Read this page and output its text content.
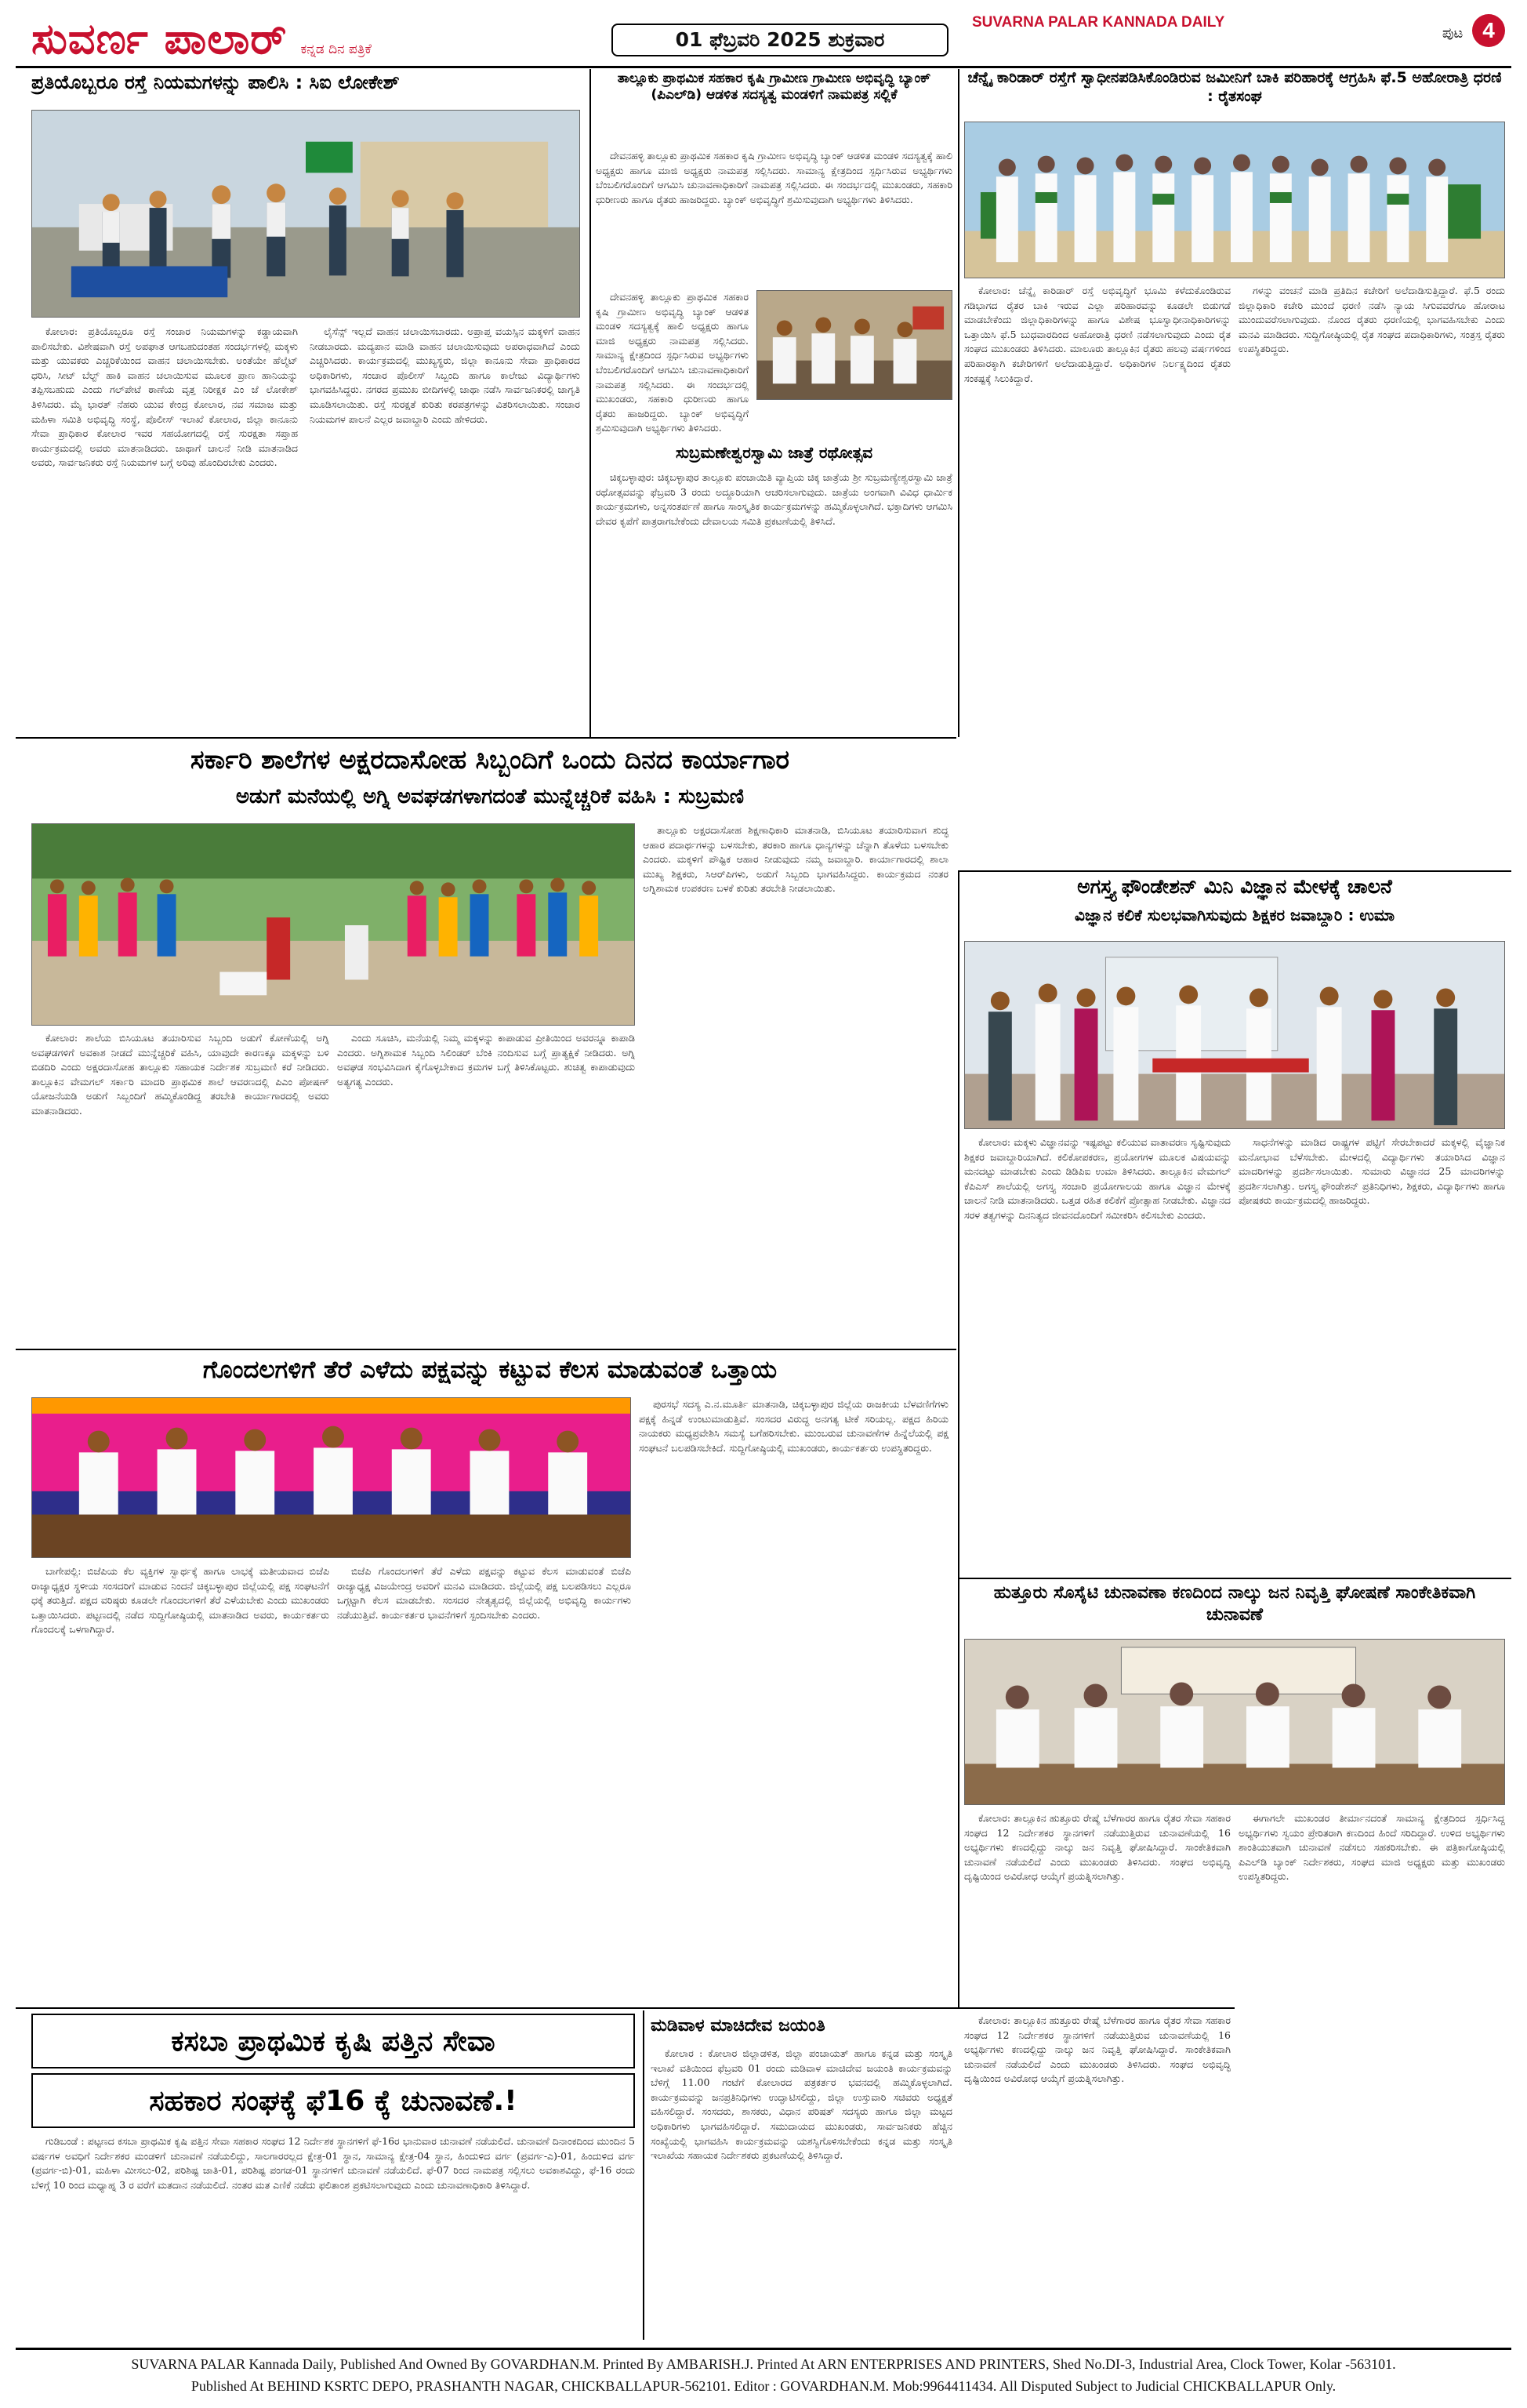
ಸುವರ್ಣ ಪಾಲಾರ್ ಕನ್ನಡ ದಿನ ಪತ್ರಿಕೆ	01 ಫೆಬ್ರವರಿ 2025 ಶುಕ್ರವಾರ
SUVARNA PALAR KANNADA DAILY
ಪುಟ 4
ಪ್ರತಿಯೊಬ್ಬರೂ ರಸ್ತೆ ನಿಯಮಗಳನ್ನು ಪಾಲಿಸಿ : ಸಿಐ ಲೋಕೇಶ್

ಕೋಲಾರ: ಪ್ರತಿಯೊಬ್ಬರೂ ರಸ್ತೆ ಸಂಚಾರ ನಿಯಮಗಳನ್ನು ಕಡ್ಡಾಯವಾಗಿ ಪಾಲಿಸಬೇಕು. ವಿಶೇಷವಾಗಿ ರಸ್ತೆ ಅಪಘಾತ ಆಗಬಹುದಂತಹ ಸಂದರ್ಭಗಳಲ್ಲಿ ಮಕ್ಕಳು ಮತ್ತು ಯುವಕರು ಎಚ್ಚರಿಕೆಯಿಂದ ವಾಹನ ಚಲಾಯಿಸಬೇಕು. ಅಂತೆಯೇ ಹೆಲ್ಮೆಟ್ ಧರಿಸಿ, ಸೀಟ್ ಬೆಲ್ಟ್ ಹಾಕಿ ವಾಹನ ಚಲಾಯಿಸುವ ಮೂಲಕ ಪ್ರಾಣ ಹಾನಿಯನ್ನು ತಪ್ಪಿಸಬಹುದು ಎಂದು ಗಲ್‌ಪೇಟೆ ಠಾಣೆಯ ವೃತ್ತ ನಿರೀಕ್ಷಕ ಎಂ ಜೆ ಲೋಕೇಶ್ ತಿಳಿಸಿದರು. ಮೈ ಭಾರತ್ ನೆಹರು ಯುವ ಕೇಂದ್ರ ಕೋಲಾರ, ನವ ಸಮಾಜ ಮತ್ತು ಮಹಿಳಾ ಸಮಿತಿ ಅಭಿವೃದ್ಧಿ ಸಂಸ್ಥೆ, ಪೊಲೀಸ್ ಇಲಾಖೆ ಕೋಲಾರ, ಜಿಲ್ಲಾ ಕಾನೂನು ಸೇವಾ ಪ್ರಾಧಿಕಾರ ಕೋಲಾರ ಇವರ ಸಹಯೋಗದಲ್ಲಿ ರಸ್ತೆ ಸುರಕ್ಷತಾ ಸಪ್ತಾಹ ಕಾರ್ಯಕ್ರಮದಲ್ಲಿ ಅವರು ಮಾತನಾಡಿದರು. ಜಾಥಾಗೆ ಚಾಲನೆ ನೀಡಿ ಮಾತನಾಡಿದ ಅವರು, ಸಾರ್ವಜನಿಕರು ರಸ್ತೆ ನಿಯಮಗಳ ಬಗ್ಗೆ ಅರಿವು ಹೊಂದಿರಬೇಕು ಎಂದರು.

ಲೈಸೆನ್ಸ್ ಇಲ್ಲದೆ ವಾಹನ ಚಲಾಯಿಸಬಾರದು. ಅಪ್ರಾಪ್ತ ವಯಸ್ಸಿನ ಮಕ್ಕಳಿಗೆ ವಾಹನ ನೀಡಬಾರದು. ಮದ್ಯಪಾನ ಮಾಡಿ ವಾಹನ ಚಲಾಯಿಸುವುದು ಅಪರಾಧವಾಗಿದೆ ಎಂದು ಎಚ್ಚರಿಸಿದರು. ಕಾರ್ಯಕ್ರಮದಲ್ಲಿ ಮುಖ್ಯಸ್ಥರು, ಜಿಲ್ಲಾ ಕಾನೂನು ಸೇವಾ ಪ್ರಾಧಿಕಾರದ ಅಧಿಕಾರಿಗಳು, ಸಂಚಾರ ಪೊಲೀಸ್ ಸಿಬ್ಬಂದಿ ಹಾಗೂ ಕಾಲೇಜು ವಿದ್ಯಾರ್ಥಿಗಳು ಭಾಗವಹಿಸಿದ್ದರು. ನಗರದ ಪ್ರಮುಖ ಬೀದಿಗಳಲ್ಲಿ ಜಾಥಾ ನಡೆಸಿ ಸಾರ್ವಜನಿಕರಲ್ಲಿ ಜಾಗೃತಿ ಮೂಡಿಸಲಾಯಿತು. ರಸ್ತೆ ಸುರಕ್ಷತೆ ಕುರಿತು ಕರಪತ್ರಗಳನ್ನು ವಿತರಿಸಲಾಯಿತು. ಸಂಚಾರ ನಿಯಮಗಳ ಪಾಲನೆ ಎಲ್ಲರ ಜವಾಬ್ದಾರಿ ಎಂದು ಹೇಳಿದರು.

ತಾಲ್ಲೂಕು ಪ್ರಾಥಮಿಕ ಸಹಕಾರ ಕೃಷಿ ಗ್ರಾಮೀಣ ಗ್ರಾಮೀಣ ಅಭಿವೃದ್ಧಿ ಬ್ಯಾಂಕ್ (ಪಿಎಲ್‌ಡಿ) ಆಡಳಿತ ಸದಸ್ಯತ್ವ ಮಂಡಳಿಗೆ ನಾಮಪತ್ರ ಸಲ್ಲಿಕೆ

ದೇವನಹಳ್ಳಿ ತಾಲ್ಲೂಕು ಪ್ರಾಥಮಿಕ ಸಹಕಾರ ಕೃಷಿ ಗ್ರಾಮೀಣ ಅಭಿವೃದ್ಧಿ ಬ್ಯಾಂಕ್ ಆಡಳಿತ ಮಂಡಳಿ ಸದಸ್ಯತ್ವಕ್ಕೆ ಹಾಲಿ ಅಧ್ಯಕ್ಷರು ಹಾಗೂ ಮಾಜಿ ಅಧ್ಯಕ್ಷರು ನಾಮಪತ್ರ ಸಲ್ಲಿಸಿದರು. ಸಾಮಾನ್ಯ ಕ್ಷೇತ್ರದಿಂದ ಸ್ಪರ್ಧಿಸಿರುವ ಅಭ್ಯರ್ಥಿಗಳು ಬೆಂಬಲಿಗರೊಂದಿಗೆ ಆಗಮಿಸಿ ಚುನಾವಣಾಧಿಕಾರಿಗೆ ನಾಮಪತ್ರ ಸಲ್ಲಿಸಿದರು. ಈ ಸಂದರ್ಭದಲ್ಲಿ ಮುಖಂಡರು, ಸಹಕಾರಿ ಧುರೀಣರು ಹಾಗೂ ರೈತರು ಹಾಜರಿದ್ದರು. ಬ್ಯಾಂಕ್ ಅಭಿವೃದ್ಧಿಗೆ ಶ್ರಮಿಸುವುದಾಗಿ ಅಭ್ಯರ್ಥಿಗಳು ತಿಳಿಸಿದರು.

ದೇವನಹಳ್ಳಿ ತಾಲ್ಲೂಕು ಪ್ರಾಥಮಿಕ ಸಹಕಾರ ಕೃಷಿ ಗ್ರಾಮೀಣ ಅಭಿವೃದ್ಧಿ ಬ್ಯಾಂಕ್ ಆಡಳಿತ ಮಂಡಳಿ ಸದಸ್ಯತ್ವಕ್ಕೆ ಹಾಲಿ ಅಧ್ಯಕ್ಷರು ಹಾಗೂ ಮಾಜಿ ಅಧ್ಯಕ್ಷರು ನಾಮಪತ್ರ ಸಲ್ಲಿಸಿದರು. ಸಾಮಾನ್ಯ ಕ್ಷೇತ್ರದಿಂದ ಸ್ಪರ್ಧಿಸಿರುವ ಅಭ್ಯರ್ಥಿಗಳು ಬೆಂಬಲಿಗರೊಂದಿಗೆ ಆಗಮಿಸಿ ಚುನಾವಣಾಧಿಕಾರಿಗೆ ನಾಮಪತ್ರ ಸಲ್ಲಿಸಿದರು. ಈ ಸಂದರ್ಭದಲ್ಲಿ ಮುಖಂಡರು, ಸಹಕಾರಿ ಧುರೀಣರು ಹಾಗೂ ರೈತರು ಹಾಜರಿದ್ದರು. ಬ್ಯಾಂಕ್ ಅಭಿವೃದ್ಧಿಗೆ ಶ್ರಮಿಸುವುದಾಗಿ ಅಭ್ಯರ್ಥಿಗಳು ತಿಳಿಸಿದರು.

ಸುಬ್ರಮಣೇಶ್ವರಸ್ವಾಮಿ ಜಾತ್ರೆ ರಥೋತ್ಸವ

ಚಿಕ್ಕಬಳ್ಳಾಪುರ: ಚಿಕ್ಕಬಳ್ಳಾಪುರ ತಾಲ್ಲೂಕು ಪಂಚಾಯಿತಿ ವ್ಯಾಪ್ತಿಯ ಚಿಕ್ಕ ಜಾತ್ರೆಯ ಶ್ರೀ ಸುಬ್ರಮಣ್ಯೇಶ್ವರಸ್ವಾಮಿ ಜಾತ್ರೆ ರಥೋತ್ಸವವನ್ನು ಫೆಬ್ರವರಿ 3 ರಂದು ಅದ್ದೂರಿಯಾಗಿ ಆಚರಿಸಲಾಗುವುದು. ಜಾತ್ರೆಯ ಅಂಗವಾಗಿ ವಿವಿಧ ಧಾರ್ಮಿಕ ಕಾರ್ಯಕ್ರಮಗಳು, ಅನ್ನಸಂತರ್ಪಣೆ ಹಾಗೂ ಸಾಂಸ್ಕೃತಿಕ ಕಾರ್ಯಕ್ರಮಗಳನ್ನು ಹಮ್ಮಿಕೊಳ್ಳಲಾಗಿದೆ. ಭಕ್ತಾದಿಗಳು ಆಗಮಿಸಿ ದೇವರ ಕೃಪೆಗೆ ಪಾತ್ರರಾಗಬೇಕೆಂದು ದೇವಾಲಯ ಸಮಿತಿ ಪ್ರಕಟಣೆಯಲ್ಲಿ ತಿಳಿಸಿದೆ.

ಚೆನ್ನೈ ಕಾರಿಡಾರ್ ರಸ್ತೆಗೆ ಸ್ವಾಧೀನಪಡಿಸಿಕೊಂಡಿರುವ ಜಮೀನಿಗೆ ಬಾಕಿ ಪರಿಹಾರಕ್ಕೆ ಆಗ್ರಹಿಸಿ ಫೆ.5 ಅಹೋರಾತ್ರಿ ಧರಣಿ : ರೈತಸಂಘ

ಕೋಲಾರ: ಚೆನ್ನೈ ಕಾರಿಡಾರ್ ರಸ್ತೆ ಅಭಿವೃದ್ಧಿಗೆ ಭೂಮಿ ಕಳೆದುಕೊಂಡಿರುವ ಗಡಿಭಾಗದ ರೈತರ ಬಾಕಿ ಇರುವ ಎಲ್ಲಾ ಪರಿಹಾರವನ್ನು ಕೂಡಲೇ ಬಿಡುಗಡೆ ಮಾಡಬೇಕೆಂದು ಜಿಲ್ಲಾಧಿಕಾರಿಗಳನ್ನು ಹಾಗೂ ವಿಶೇಷ ಭೂಸ್ವಾಧೀನಾಧಿಕಾರಿಗಳನ್ನು ಒತ್ತಾಯಿಸಿ ಫೆ.5 ಬುಧವಾರದಿಂದ ಅಹೋರಾತ್ರಿ ಧರಣಿ ನಡೆಸಲಾಗುವುದು ಎಂದು ರೈತ ಸಂಘದ ಮುಖಂಡರು ತಿಳಿಸಿದರು. ಮಾಲೂರು ತಾಲ್ಲೂಕಿನ ರೈತರು ಹಲವು ವರ್ಷಗಳಿಂದ ಪರಿಹಾರಕ್ಕಾಗಿ ಕಚೇರಿಗಳಿಗೆ ಅಲೆದಾಡುತ್ತಿದ್ದಾರೆ. ಅಧಿಕಾರಿಗಳ ನಿರ್ಲಕ್ಷ್ಯದಿಂದ ರೈತರು ಸಂಕಷ್ಟಕ್ಕೆ ಸಿಲುಕಿದ್ದಾರೆ.

ಗಳನ್ನು ವಂಚನೆ ಮಾಡಿ ಪ್ರತಿದಿನ ಕಚೇರಿಗೆ ಅಲೆದಾಡಿಸುತ್ತಿದ್ದಾರೆ. ಫೆ.5 ರಂದು ಜಿಲ್ಲಾಧಿಕಾರಿ ಕಚೇರಿ ಮುಂದೆ ಧರಣಿ ನಡೆಸಿ ನ್ಯಾಯ ಸಿಗುವವರೆಗೂ ಹೋರಾಟ ಮುಂದುವರೆಸಲಾಗುವುದು. ನೊಂದ ರೈತರು ಧರಣಿಯಲ್ಲಿ ಭಾಗವಹಿಸಬೇಕು ಎಂದು ಮನವಿ ಮಾಡಿದರು. ಸುದ್ದಿಗೋಷ್ಠಿಯಲ್ಲಿ ರೈತ ಸಂಘದ ಪದಾಧಿಕಾರಿಗಳು, ಸಂತ್ರಸ್ತ ರೈತರು ಉಪಸ್ಥಿತರಿದ್ದರು.

ಸರ್ಕಾರಿ ಶಾಲೆಗಳ ಅಕ್ಷರದಾಸೋಹ ಸಿಬ್ಬಂದಿಗೆ ಒಂದು ದಿನದ ಕಾರ್ಯಾಗಾರ
ಅಡುಗೆ ಮನೆಯಲ್ಲಿ ಅಗ್ನಿ ಅವಘಡಗಳಾಗದಂತೆ ಮುನ್ನೆಚ್ಚರಿಕೆ ವಹಿಸಿ : ಸುಬ್ರಮಣಿ

ತಾಲ್ಲೂಕು ಅಕ್ಷರದಾಸೋಹ ಶಿಕ್ಷಣಾಧಿಕಾರಿ ಮಾತನಾಡಿ, ಬಿಸಿಯೂಟ ತಯಾರಿಸುವಾಗ ಶುದ್ಧ ಆಹಾರ ಪದಾರ್ಥಗಳನ್ನು ಬಳಸಬೇಕು, ತರಕಾರಿ ಹಾಗೂ ಧಾನ್ಯಗಳನ್ನು ಚೆನ್ನಾಗಿ ತೊಳೆದು ಬಳಸಬೇಕು ಎಂದರು. ಮಕ್ಕಳಿಗೆ ಪೌಷ್ಟಿಕ ಆಹಾರ ನೀಡುವುದು ನಮ್ಮ ಜವಾಬ್ದಾರಿ. ಕಾರ್ಯಾಗಾರದಲ್ಲಿ ಶಾಲಾ ಮುಖ್ಯ ಶಿಕ್ಷಕರು, ಸಿಆರ್‌ಪಿಗಳು, ಅಡುಗೆ ಸಿಬ್ಬಂದಿ ಭಾಗವಹಿಸಿದ್ದರು. ಕಾರ್ಯಕ್ರಮದ ನಂತರ ಅಗ್ನಿಶಾಮಕ ಉಪಕರಣ ಬಳಕೆ ಕುರಿತು ತರಬೇತಿ ನೀಡಲಾಯಿತು.

ಕೋಲಾರ: ಶಾಲೆಯ ಬಿಸಿಯೂಟ ತಯಾರಿಸುವ ಸಿಬ್ಬಂದಿ ಅಡುಗೆ ಕೋಣೆಯಲ್ಲಿ ಅಗ್ನಿ ಅವಘಡಗಳಿಗೆ ಅವಕಾಶ ನೀಡದೆ ಮುನ್ನೆಚ್ಚರಿಕೆ ವಹಿಸಿ, ಯಾವುದೇ ಕಾರಣಕ್ಕೂ ಮಕ್ಕಳನ್ನು ಬಳಿ ಬಿಡದಿರಿ ಎಂದು ಅಕ್ಷರದಾಸೋಹ ತಾಲ್ಲೂಕು ಸಹಾಯಕ ನಿರ್ದೇಶಕ ಸುಬ್ರಮಣಿ ಕರೆ ನೀಡಿದರು. ತಾಲ್ಲೂಕಿನ ವೇಮಗಲ್ ಸರ್ಕಾರಿ ಮಾದರಿ ಪ್ರಾಥಮಿಕ ಶಾಲೆ ಆವರಣದಲ್ಲಿ ಪಿಎಂ ಪೋಷಣ್ ಯೋಜನೆಯಡಿ ಅಡುಗೆ ಸಿಬ್ಬಂದಿಗೆ ಹಮ್ಮಿಕೊಂಡಿದ್ದ ತರಬೇತಿ ಕಾರ್ಯಾಗಾರದಲ್ಲಿ ಅವರು ಮಾತನಾಡಿದರು.

ಎಂದು ಸೂಚಿಸಿ, ಮನೆಯಲ್ಲಿ ನಿಮ್ಮ ಮಕ್ಕಳನ್ನು ಕಾಪಾಡುವ ಪ್ರೀತಿಯಿಂದ ಅವರನ್ನೂ ಕಾಪಾಡಿ ಎಂದರು. ಅಗ್ನಿಶಾಮಕ ಸಿಬ್ಬಂದಿ ಸಿಲಿಂಡರ್ ಬೆಂಕಿ ನಂದಿಸುವ ಬಗ್ಗೆ ಪ್ರಾತ್ಯಕ್ಷಿಕೆ ನೀಡಿದರು. ಅಗ್ನಿ ಅವಘಡ ಸಂಭವಿಸಿದಾಗ ಕೈಗೊಳ್ಳಬೇಕಾದ ಕ್ರಮಗಳ ಬಗ್ಗೆ ತಿಳಿಸಿಕೊಟ್ಟರು. ಶುಚಿತ್ವ ಕಾಪಾಡುವುದು ಅತ್ಯಗತ್ಯ ಎಂದರು.

ಅಗಸ್ತ್ಯ ಫೌಂಡೇಶನ್ ಮಿನಿ ವಿಜ್ಞಾನ ಮೇಳಕ್ಕೆ ಚಾಲನೆ
ವಿಜ್ಞಾನ ಕಲಿಕೆ ಸುಲಭವಾಗಿಸುವುದು ಶಿಕ್ಷಕರ ಜವಾಬ್ದಾರಿ : ಉಮಾ

ಕೋಲಾರ: ಮಕ್ಕಳು ವಿಜ್ಞಾನವನ್ನು ಇಷ್ಟಪಟ್ಟು ಕಲಿಯುವ ವಾತಾವರಣ ಸೃಷ್ಟಿಸುವುದು ಶಿಕ್ಷಕರ ಜವಾಬ್ದಾರಿಯಾಗಿದೆ. ಕಲಿಕೋಪಕರಣ, ಪ್ರಯೋಗಗಳ ಮೂಲಕ ವಿಷಯವನ್ನು ಮನದಟ್ಟು ಮಾಡಬೇಕು ಎಂದು ಡಿಡಿಪಿಐ ಉಮಾ ತಿಳಿಸಿದರು. ತಾಲ್ಲೂಕಿನ ವೇಮಗಲ್ ಕೆಪಿಎಸ್ ಶಾಲೆಯಲ್ಲಿ ಅಗಸ್ತ್ಯ ಸಂಚಾರಿ ಪ್ರಯೋಗಾಲಯ ಹಾಗೂ ವಿಜ್ಞಾನ ಮೇಳಕ್ಕೆ ಚಾಲನೆ ನೀಡಿ ಮಾತನಾಡಿದರು. ಒತ್ತಡ ರಹಿತ ಕಲಿಕೆಗೆ ಪ್ರೋತ್ಸಾಹ ನೀಡಬೇಕು. ವಿಜ್ಞಾನದ ಸರಳ ತತ್ವಗಳನ್ನು ದಿನನಿತ್ಯದ ಜೀವನದೊಂದಿಗೆ ಸಮೀಕರಿಸಿ ಕಲಿಸಬೇಕು ಎಂದರು.

ಸಾಧನೆಗಳನ್ನು ಮಾಡಿದ ರಾಷ್ಟ್ರಗಳ ಪಟ್ಟಿಗೆ ಸೇರಬೇಕಾದರೆ ಮಕ್ಕಳಲ್ಲಿ ವೈಜ್ಞಾನಿಕ ಮನೋಭಾವ ಬೆಳೆಸಬೇಕು. ಮೇಳದಲ್ಲಿ ವಿದ್ಯಾರ್ಥಿಗಳು ತಯಾರಿಸಿದ ವಿಜ್ಞಾನ ಮಾದರಿಗಳನ್ನು ಪ್ರದರ್ಶಿಸಲಾಯಿತು. ಸುಮಾರು ವಿಜ್ಞಾನದ 25 ಮಾದರಿಗಳನ್ನು ಪ್ರದರ್ಶಿಸಲಾಗಿತ್ತು. ಅಗಸ್ತ್ಯ ಫೌಂಡೇಶನ್ ಪ್ರತಿನಿಧಿಗಳು, ಶಿಕ್ಷಕರು, ವಿದ್ಯಾರ್ಥಿಗಳು ಹಾಗೂ ಪೋಷಕರು ಕಾರ್ಯಕ್ರಮದಲ್ಲಿ ಹಾಜರಿದ್ದರು.

ಗೊಂದಲಗಳಿಗೆ ತೆರೆ ಎಳೆದು ಪಕ್ಷವನ್ನು ಕಟ್ಟುವ ಕೆಲಸ ಮಾಡುವಂತೆ ಒತ್ತಾಯ

ಪುರಸಭೆ ಸದಸ್ಯ ಎ.ನ.ಮೂರ್ತಿ ಮಾತನಾಡಿ, ಚಿಕ್ಕಬಳ್ಳಾಪುರ ಜಿಲ್ಲೆಯ ರಾಜಕೀಯ ಬೆಳವಣಿಗೆಗಳು ಪಕ್ಷಕ್ಕೆ ಹಿನ್ನಡೆ ಉಂಟುಮಾಡುತ್ತಿವೆ. ಸಂಸದರ ವಿರುದ್ಧ ಅನಗತ್ಯ ಟೀಕೆ ಸರಿಯಲ್ಲ. ಪಕ್ಷದ ಹಿರಿಯ ನಾಯಕರು ಮಧ್ಯಪ್ರವೇಶಿಸಿ ಸಮಸ್ಯೆ ಬಗೆಹರಿಸಬೇಕು. ಮುಂಬರುವ ಚುನಾವಣೆಗಳ ಹಿನ್ನೆಲೆಯಲ್ಲಿ ಪಕ್ಷ ಸಂಘಟನೆ ಬಲಪಡಿಸಬೇಕಿದೆ. ಸುದ್ದಿಗೋಷ್ಠಿಯಲ್ಲಿ ಮುಖಂಡರು, ಕಾರ್ಯಕರ್ತರು ಉಪಸ್ಥಿತರಿದ್ದರು.

ಬಾಗೇಪಲ್ಲಿ: ಬಿಜೆಪಿಯ ಕೆಲ ವ್ಯಕ್ತಿಗಳ ಸ್ವಾರ್ಥಕ್ಕೆ ಹಾಗೂ ಲಾಭಕ್ಕೆ ಮತೀಯವಾದ ಬಿಜೆಪಿ ರಾಜ್ಯಾಧ್ಯಕ್ಷರ ಸ್ಥಳೀಯ ಸಂಸದರಿಗೆ ಮಾಡುವ ನಿಂದನೆ ಚಿಕ್ಕಬಳ್ಳಾಪುರ ಜಿಲ್ಲೆಯಲ್ಲಿ ಪಕ್ಷ ಸಂಘಟನೆಗೆ ಧಕ್ಕೆ ತರುತ್ತಿದೆ. ಪಕ್ಷದ ವರಿಷ್ಠರು ಕೂಡಲೇ ಗೊಂದಲಗಳಿಗೆ ತೆರೆ ಎಳೆಯಬೇಕು ಎಂದು ಮುಖಂಡರು ಒತ್ತಾಯಿಸಿದರು. ಪಟ್ಟಣದಲ್ಲಿ ನಡೆದ ಸುದ್ದಿಗೋಷ್ಠಿಯಲ್ಲಿ ಮಾತನಾಡಿದ ಅವರು, ಕಾರ್ಯಕರ್ತರು ಗೊಂದಲಕ್ಕೆ ಒಳಗಾಗಿದ್ದಾರೆ.

ಬಿಜೆಪಿ ಗೊಂದಲಗಳಿಗೆ ತೆರೆ ಎಳೆದು ಪಕ್ಷವನ್ನು ಕಟ್ಟುವ ಕೆಲಸ ಮಾಡುವಂತೆ ಬಿಜೆಪಿ ರಾಜ್ಯಾಧ್ಯಕ್ಷ ವಿಜಯೇಂದ್ರ ಅವರಿಗೆ ಮನವಿ ಮಾಡಿದರು. ಜಿಲ್ಲೆಯಲ್ಲಿ ಪಕ್ಷ ಬಲಪಡಿಸಲು ಎಲ್ಲರೂ ಒಗ್ಗಟ್ಟಾಗಿ ಕೆಲಸ ಮಾಡಬೇಕು. ಸಂಸದರ ನೇತೃತ್ವದಲ್ಲಿ ಜಿಲ್ಲೆಯಲ್ಲಿ ಅಭಿವೃದ್ಧಿ ಕಾರ್ಯಗಳು ನಡೆಯುತ್ತಿವೆ. ಕಾರ್ಯಕರ್ತರ ಭಾವನೆಗಳಿಗೆ ಸ್ಪಂದಿಸಬೇಕು ಎಂದರು.

ಹುತ್ತೂರು ಸೊಸೈಟಿ ಚುನಾವಣಾ ಕಣದಿಂದ ನಾಲ್ಕು ಜನ ನಿವೃತ್ತಿ ಘೋಷಣೆ ಸಾಂಕೇತಿಕವಾಗಿ ಚುನಾವಣೆ

ಕೋಲಾರ: ತಾಲ್ಲೂಕಿನ ಹುತ್ತೂರು ರೇಷ್ಮೆ ಬೆಳೆಗಾರರ ಹಾಗೂ ರೈತರ ಸೇವಾ ಸಹಕಾರ ಸಂಘದ 12 ನಿರ್ದೇಶಕರ ಸ್ಥಾನಗಳಿಗೆ ನಡೆಯುತ್ತಿರುವ ಚುನಾವಣೆಯಲ್ಲಿ 16 ಅಭ್ಯರ್ಥಿಗಳು ಕಣದಲ್ಲಿದ್ದು ನಾಲ್ಕು ಜನ ನಿವೃತ್ತಿ ಘೋಷಿಸಿದ್ದಾರೆ. ಸಾಂಕೇತಿಕವಾಗಿ ಚುನಾವಣೆ ನಡೆಯಲಿದೆ ಎಂದು ಮುಖಂಡರು ತಿಳಿಸಿದರು. ಸಂಘದ ಅಭಿವೃದ್ಧಿ ದೃಷ್ಟಿಯಿಂದ ಅವಿರೋಧ ಆಯ್ಕೆಗೆ ಪ್ರಯತ್ನಿಸಲಾಗಿತ್ತು.

ಈಗಾಗಲೇ ಮುಖಂಡರ ತೀರ್ಮಾನದಂತೆ ಸಾಮಾನ್ಯ ಕ್ಷೇತ್ರದಿಂದ ಸ್ಪರ್ಧಿಸಿದ್ದ ಅಭ್ಯರ್ಥಿಗಳು ಸ್ವಯಂ ಪ್ರೇರಿತರಾಗಿ ಕಣದಿಂದ ಹಿಂದೆ ಸರಿದಿದ್ದಾರೆ. ಉಳಿದ ಅಭ್ಯರ್ಥಿಗಳು ಶಾಂತಿಯುತವಾಗಿ ಚುನಾವಣೆ ನಡೆಸಲು ಸಹಕರಿಸಬೇಕು. ಈ ಪತ್ರಿಕಾಗೋಷ್ಠಿಯಲ್ಲಿ ಪಿಎಲ್‌ಡಿ ಬ್ಯಾಂಕ್ ನಿರ್ದೇಶಕರು, ಸಂಘದ ಮಾಜಿ ಅಧ್ಯಕ್ಷರು ಮತ್ತು ಮುಖಂಡರು ಉಪಸ್ಥಿತರಿದ್ದರು.

ಕಸಬಾ ಪ್ರಾಥಮಿಕ ಕೃಷಿ ಪತ್ತಿನ ಸೇವಾ
ಸಹಕಾರ ಸಂಘಕ್ಕೆ ಫೆ16 ಕ್ಕೆ ಚುನಾವಣೆ.!

ಗುಡಿಬಂಡೆ : ಪಟ್ಟಣದ ಕಸಬಾ ಪ್ರಾಥಮಿಕ ಕೃಷಿ ಪತ್ತಿನ ಸೇವಾ ಸಹಕಾರ ಸಂಘದ 12 ನಿರ್ದೇಶಕ ಸ್ಥಾನಗಳಿಗೆ ಫೆ-16ರ ಭಾನುವಾರ ಚುನಾವಣೆ ನಡೆಯಲಿದೆ. ಚುನಾವಣೆ ದಿನಾಂಕದಿಂದ ಮುಂದಿನ 5 ವರ್ಷಗಳ ಅವಧಿಗೆ ನಿರ್ದೇಶಕರ ಮಂಡಳಿಗೆ ಚುನಾವಣೆ ನಡೆಯಲಿದ್ದು, ಸಾಲಗಾರರಲ್ಲದ ಕ್ಷೇತ್ರ-01 ಸ್ಥಾನ, ಸಾಮಾನ್ಯ ಕ್ಷೇತ್ರ-04 ಸ್ಥಾನ, ಹಿಂದುಳಿದ ವರ್ಗ (ಪ್ರವರ್ಗ-ಎ)-01, ಹಿಂದುಳಿದ ವರ್ಗ (ಪ್ರವರ್ಗ-ಬಿ)-01, ಮಹಿಳಾ ಮೀಸಲು-02, ಪರಿಶಿಷ್ಟ ಜಾತಿ-01, ಪರಿಶಿಷ್ಟ ಪಂಗಡ-01 ಸ್ಥಾನಗಳಿಗೆ ಚುನಾವಣೆ ನಡೆಯಲಿದೆ. ಫೆ-07 ರಿಂದ ನಾಮಪತ್ರ ಸಲ್ಲಿಸಲು ಅವಕಾಶವಿದ್ದು, ಫೆ-16 ರಂದು ಬೆಳಿಗ್ಗೆ 10 ರಿಂದ ಮಧ್ಯಾಹ್ನ 3 ರ ವರೆಗೆ ಮತದಾನ ನಡೆಯಲಿದೆ. ನಂತರ ಮತ ಎಣಿಕೆ ನಡೆದು ಫಲಿತಾಂಶ ಪ್ರಕಟಿಸಲಾಗುವುದು ಎಂದು ಚುನಾವಣಾಧಿಕಾರಿ ತಿಳಿಸಿದ್ದಾರೆ.

ಮಡಿವಾಳ ಮಾಚಿದೇವ ಜಯಂತಿ

ಕೋಲಾರ : ಕೋಲಾರ ಜಿಲ್ಲಾಡಳಿತ, ಜಿಲ್ಲಾ ಪಂಚಾಯತ್ ಹಾಗೂ ಕನ್ನಡ ಮತ್ತು ಸಂಸ್ಕೃತಿ ಇಲಾಖೆ ವತಿಯಿಂದ ಫೆಬ್ರವರಿ 01 ರಂದು ಮಡಿವಾಳ ಮಾಚಿದೇವ ಜಯಂತಿ ಕಾರ್ಯಕ್ರಮವನ್ನು ಬೆಳಿಗ್ಗೆ 11.00 ಗಂಟೆಗೆ ಕೋಲಾರದ ಪತ್ರಕರ್ತರ ಭವನದಲ್ಲಿ ಹಮ್ಮಿಕೊಳ್ಳಲಾಗಿದೆ. ಕಾರ್ಯಕ್ರಮವನ್ನು ಜನಪ್ರತಿನಿಧಿಗಳು ಉದ್ಘಾಟಿಸಲಿದ್ದು, ಜಿಲ್ಲಾ ಉಸ್ತುವಾರಿ ಸಚಿವರು ಅಧ್ಯಕ್ಷತೆ ವಹಿಸಲಿದ್ದಾರೆ. ಸಂಸದರು, ಶಾಸಕರು, ವಿಧಾನ ಪರಿಷತ್ ಸದಸ್ಯರು ಹಾಗೂ ಜಿಲ್ಲಾ ಮಟ್ಟದ ಅಧಿಕಾರಿಗಳು ಭಾಗವಹಿಸಲಿದ್ದಾರೆ. ಸಮುದಾಯದ ಮುಖಂಡರು, ಸಾರ್ವಜನಿಕರು ಹೆಚ್ಚಿನ ಸಂಖ್ಯೆಯಲ್ಲಿ ಭಾಗವಹಿಸಿ ಕಾರ್ಯಕ್ರಮವನ್ನು ಯಶಸ್ವಿಗೊಳಿಸಬೇಕೆಂದು ಕನ್ನಡ ಮತ್ತು ಸಂಸ್ಕೃತಿ ಇಲಾಖೆಯ ಸಹಾಯಕ ನಿರ್ದೇಶಕರು ಪ್ರಕಟಣೆಯಲ್ಲಿ ತಿಳಿಸಿದ್ದಾರೆ.

ಕೋಲಾರ: ತಾಲ್ಲೂಕಿನ ಹುತ್ತೂರು ರೇಷ್ಮೆ ಬೆಳೆಗಾರರ ಹಾಗೂ ರೈತರ ಸೇವಾ ಸಹಕಾರ ಸಂಘದ 12 ನಿರ್ದೇಶಕರ ಸ್ಥಾನಗಳಿಗೆ ನಡೆಯುತ್ತಿರುವ ಚುನಾವಣೆಯಲ್ಲಿ 16 ಅಭ್ಯರ್ಥಿಗಳು ಕಣದಲ್ಲಿದ್ದು ನಾಲ್ಕು ಜನ ನಿವೃತ್ತಿ ಘೋಷಿಸಿದ್ದಾರೆ. ಸಾಂಕೇತಿಕವಾಗಿ ಚುನಾವಣೆ ನಡೆಯಲಿದೆ ಎಂದು ಮುಖಂಡರು ತಿಳಿಸಿದರು. ಸಂಘದ ಅಭಿವೃದ್ಧಿ ದೃಷ್ಟಿಯಿಂದ ಅವಿರೋಧ ಆಯ್ಕೆಗೆ ಪ್ರಯತ್ನಿಸಲಾಗಿತ್ತು.

SUVARNA PALAR Kannada Daily, Published And Owned By GOVARDHAN.M. Printed By AMBARISH.J. Printed At ARN ENTERPRISES AND PRINTERS, Shed No.DI-3, Industrial Area, Clock Tower, Kolar -563101.
Published At BEHIND KSRTC DEPO, PRASHANTH NAGAR, CHICKBALLAPUR-562101. Editor : GOVARDHAN.M. Mob:9964411434. All Disputed Subject to Judicial CHICKBALLAPUR Only.
